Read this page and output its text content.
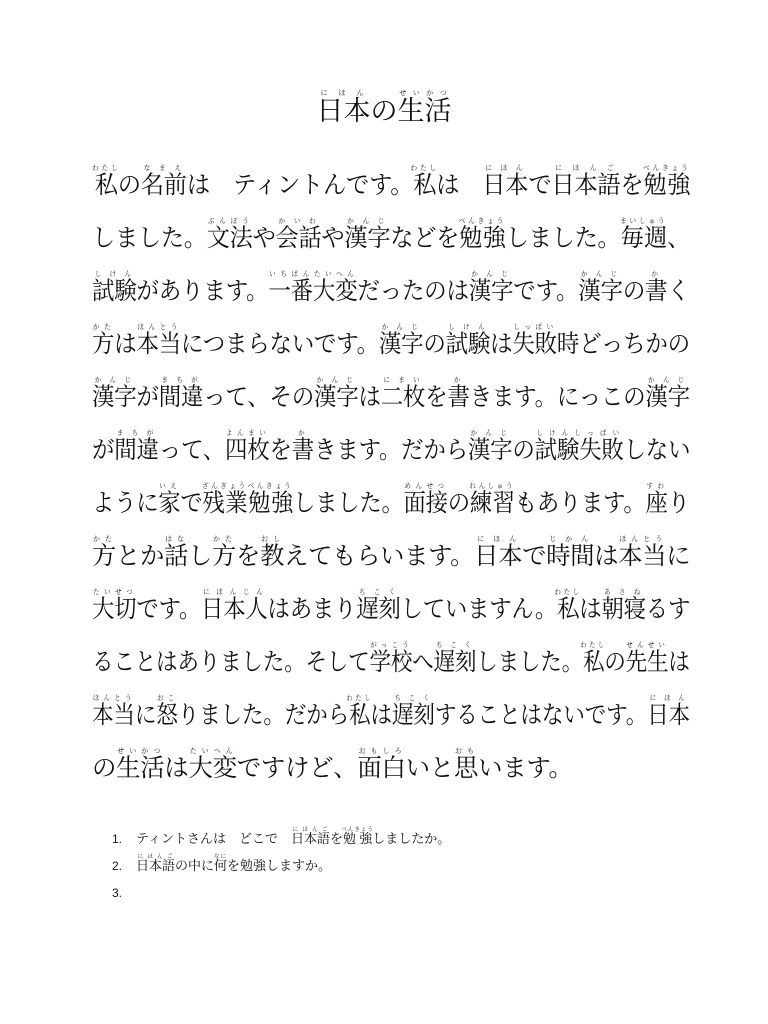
日本にほんの生活せいかつ
私わたしの名前なまえは　ティントんです。私わたしは　日本にほんで日本語にほんごを勉強べんきょう
しました。文法ぶんぽうや会話かいわや漢字かんじなどを勉強べんきょうしました。毎週まいしゅう、
試験しけんがあります。一番大変いちばんたいへんだったのは漢字かんじです。漢字かんじの書かく
方かたは本当ほんとうにつまらないです。漢字かんじの試験しけんは失敗しっぱい時どっちかの
漢字かんじが間違まちがって、その漢字かんじは二枚にまいを書かきます。にっこの漢字かんじ
が間違まちがって、四枚よんまいを書かきます。だから漢字かんじの試験失敗しけんしっぱいしない
ように家いえで残業勉強ざんぎょうべんきょうしました。面接めんせつの練習れんしゅうもあります。座すわり
方かたとか話はなし方かたを教おしえてもらいます。日本にほんで時間じかんは本当ほんとうに
大切たいせつです。日本人にほんじんはあまり遅刻ちこくしていますん。私わたしは朝寝あさねるす
ることはありました。そして学校がっこうへ遅刻ちこくしました。私わたしの先生せんせいは
本当ほんとうに怒おこりました。だから私わたしは遅刻ちこくすることはないです。日本にほん
の生活せいかつは大変たいへんですけど、面白おもしろいと思おもいます。
1. ティントさんは　どこで　日本語にほんごを勉強べんきょうしましたか。
2. 日本語にほんごの中に何なにを勉強しますか。
3.
